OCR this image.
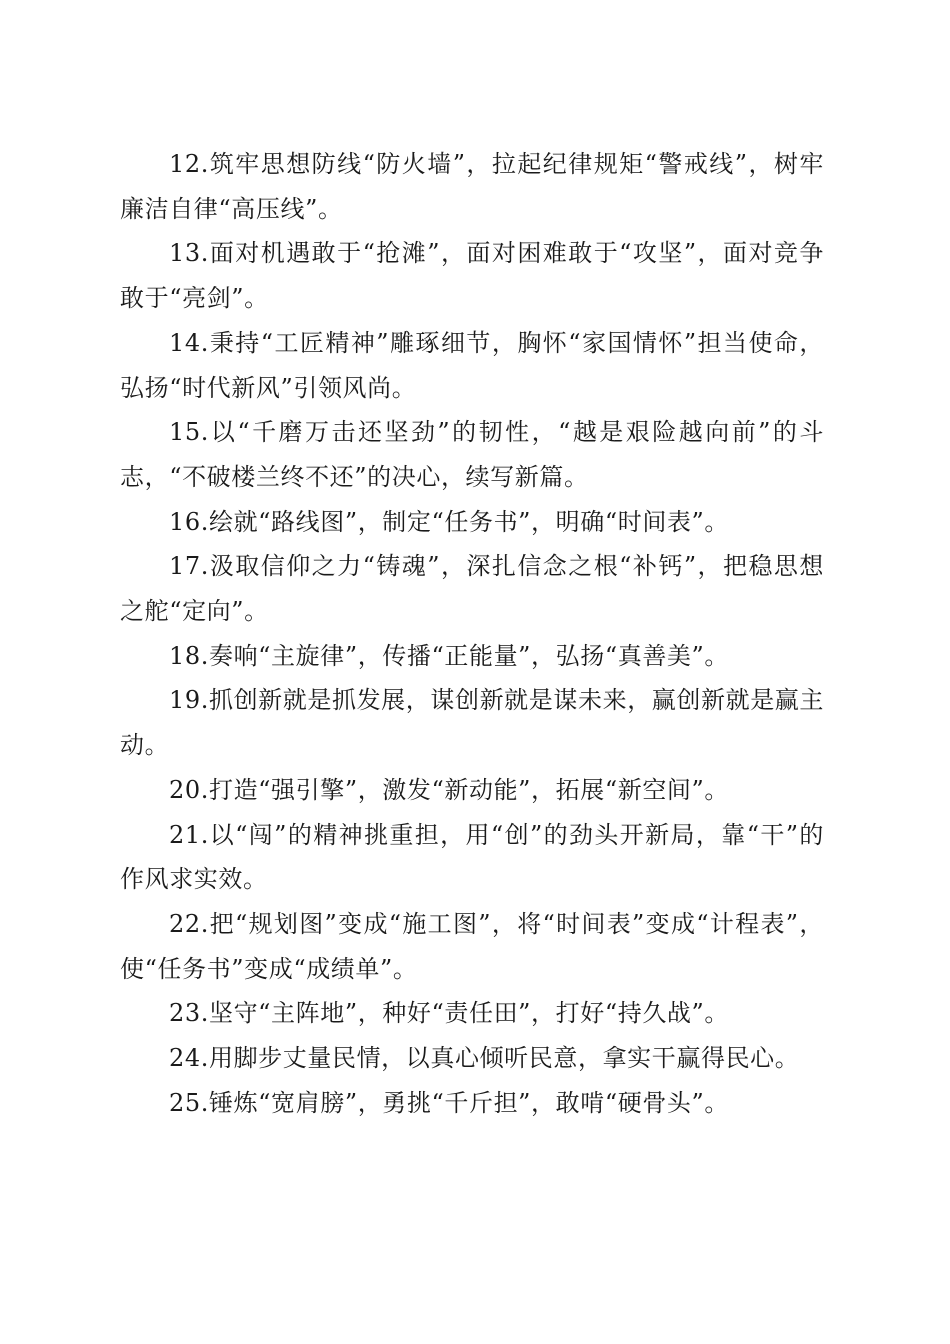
12.筑牢思想防线“防火墙”，拉起纪律规矩“警戒线”，树牢廉洁自律“高压线”。

13.面对机遇敢于“抢滩”，面对困难敢于“攻坚”，面对竞争敢于“亮剑”。

14.秉持“工匠精神”雕琢细节，胸怀“家国情怀”担当使命，弘扬“时代新风”引领风尚。

15.以“千磨万击还坚劲”的韧性，“越是艰险越向前”的斗志，“不破楼兰终不还”的决心，续写新篇。

16.绘就“路线图”，制定“任务书”，明确“时间表”。

17.汲取信仰之力“铸魂”，深扎信念之根“补钙”，把稳思想之舵“定向”。

18.奏响“主旋律”，传播“正能量”，弘扬“真善美”。

19.抓创新就是抓发展，谋创新就是谋未来，赢创新就是赢主动。

20.打造“强引擎”，激发“新动能”，拓展“新空间”。

21.以“闯”的精神挑重担，用“创”的劲头开新局，靠“干”的作风求实效。

22.把“规划图”变成“施工图”，将“时间表”变成“计程表”，使“任务书”变成“成绩单”。

23.坚守“主阵地”，种好“责任田”，打好“持久战”。

24.用脚步丈量民情，以真心倾听民意，拿实干赢得民心。

25.锤炼“宽肩膀”，勇挑“千斤担”，敢啃“硬骨头”。
